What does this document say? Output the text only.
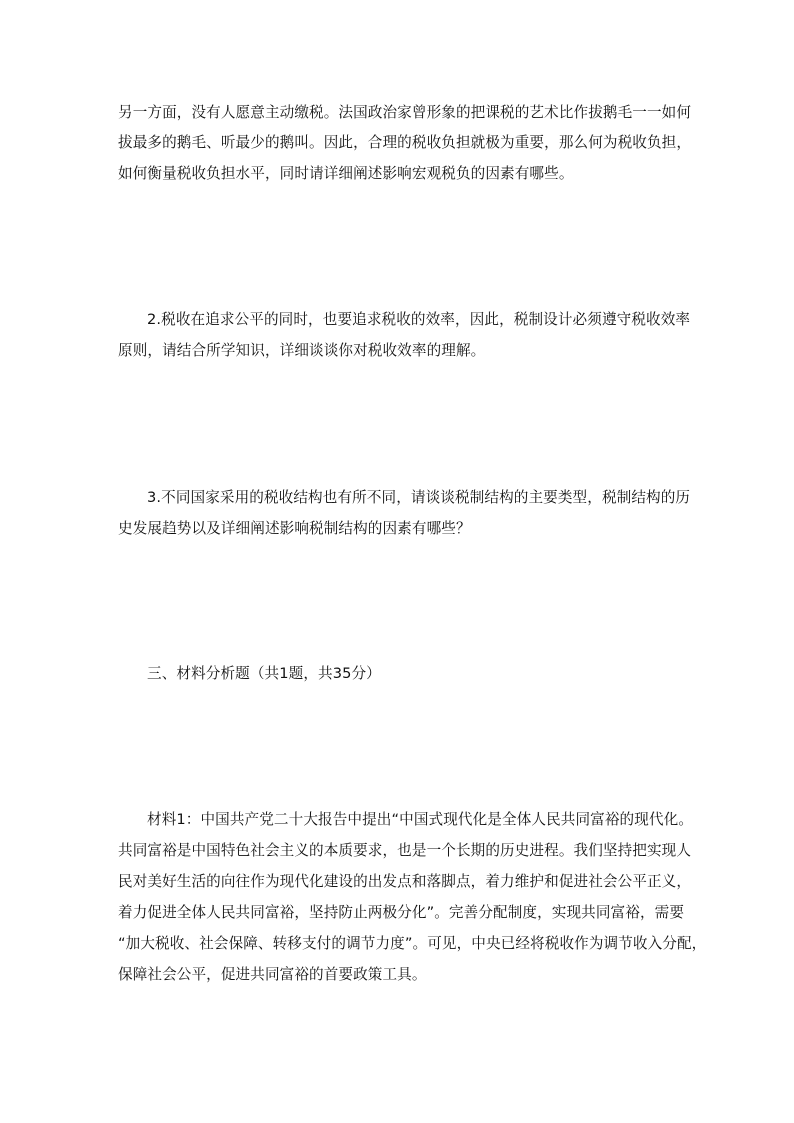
另一方面，没有人愿意主动缴税。法国政治家曾形象的把课税的艺术比作拔鹅毛一一如何
拔最多的鹅毛、听最少的鹅叫。因此，合理的税收负担就极为重要，那么何为税收负担，
如何衡量税收负担水平，同时请详细阐述影响宏观税负的因素有哪些。
2.税收在追求公平的同时，也要追求税收的效率，因此，税制设计必须遵守税收效率
原则，请结合所学知识，详细谈谈你对税收效率的理解。
3.不同国家采用的税收结构也有所不同，请谈谈税制结构的主要类型，税制结构的历
史发展趋势以及详细阐述影响税制结构的因素有哪些？
三、材料分析题（共1题，共35分）
材料1：中国共产党二十大报告中提出“中国式现代化是全体人民共同富裕的现代化。
共同富裕是中国特色社会主义的本质要求，也是一个长期的历史进程。我们坚持把实现人
民对美好生活的向往作为现代化建设的出发点和落脚点，着力维护和促进社会公平正义，
着力促进全体人民共同富裕，坚持防止两极分化”。完善分配制度，实现共同富裕，需要
“加大税收、社会保障、转移支付的调节力度”。可见，中央已经将税收作为调节收入分配，
保障社会公平，促进共同富裕的首要政策工具。
